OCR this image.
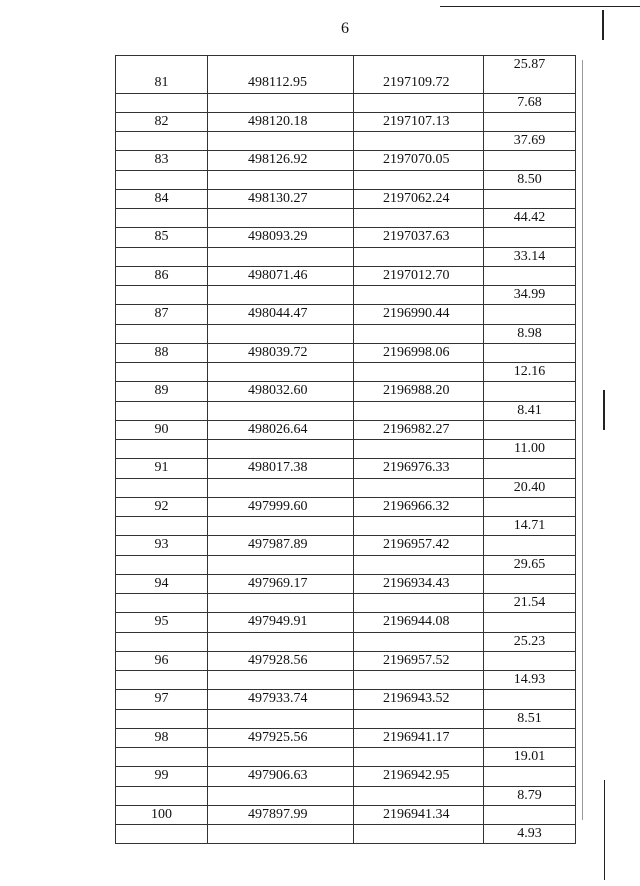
6
			25.87
81	498112.95	2197109.72	
			7.68
82	498120.18	2197107.13	
			37.69
83	498126.92	2197070.05	
			8.50
84	498130.27	2197062.24	
			44.42
85	498093.29	2197037.63	
			33.14
86	498071.46	2197012.70	
			34.99
87	498044.47	2196990.44	
			8.98
88	498039.72	2196998.06	
			12.16
89	498032.60	2196988.20	
			8.41
90	498026.64	2196982.27	
			11.00
91	498017.38	2196976.33	
			20.40
92	497999.60	2196966.32	
			14.71
93	497987.89	2196957.42	
			29.65
94	497969.17	2196934.43	
			21.54
95	497949.91	2196944.08	
			25.23
96	497928.56	2196957.52	
			14.93
97	497933.74	2196943.52	
			8.51
98	497925.56	2196941.17	
			19.01
99	497906.63	2196942.95	
			8.79
100	497897.99	2196941.34	
			4.93
